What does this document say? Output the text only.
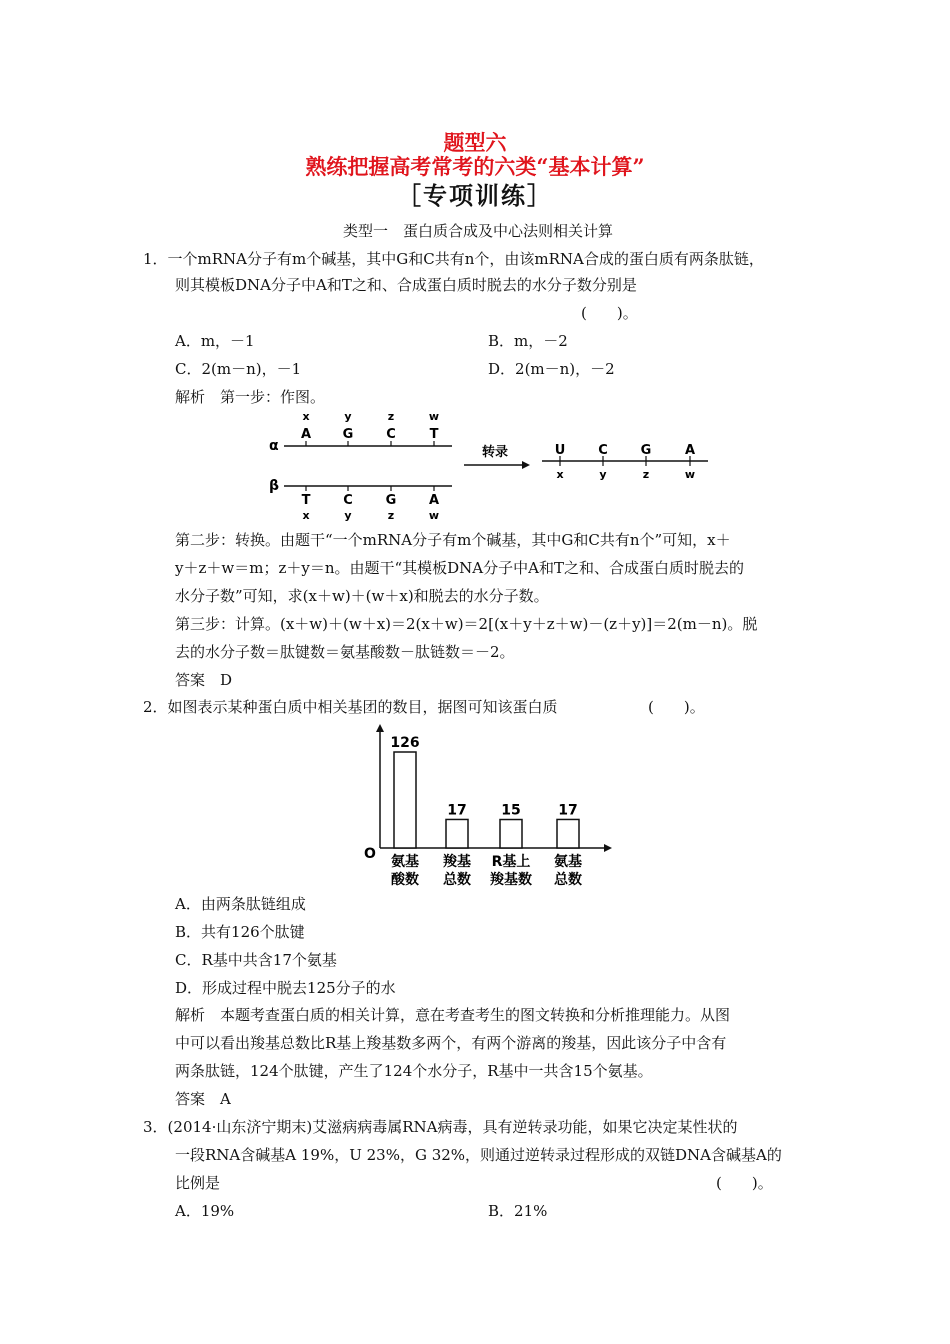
题型六
熟练把握高考常考的六类“基本计算”
［专项训练］
类型一　蛋白质合成及中心法则相关计算
1．一个mRNA分子有m个碱基，其中G和C共有n个，由该mRNA合成的蛋白质有两条肽链，
则其模板DNA分子中A和T之和、合成蛋白质时脱去的水分子数分别是
(　　)。
A．m，－1	B．m，－2
C．2(m－n)，－1	D．2(m－n)，－2
解析　第一步：作图。
α
β
x	y	z	w
A G	C	T
T	C	G	A
x	y	z	w
转录	U	C	G	A
x	y	z	w
第二步：转换。由题干“一个mRNA分子有m个碱基，其中G和C共有n个”可知，x＋
y＋z＋w＝m；z＋y＝n。由题干“其模板DNA分子中A和T之和、合成蛋白质时脱去的
水分子数”可知，求(x＋w)＋(w＋x)和脱去的水分子数。
第三步：计算。(x＋w)＋(w＋x)＝2(x＋w)＝2[(x＋y＋z＋w)－(z＋y)]＝2(m－n)。脱
去的水分子数＝肽键数＝氨基酸数－肽链数＝－2。
答案　D
2．如图表示某种蛋白质中相关基团的数目，据图可知该蛋白质	(　　)。
O
126
氨基
酸数
17
羧基
总数
15
R基上
羧基数
17
氨基
总数
A．由两条肽链组成
B．共有126个肽键
C．R基中共含17个氨基
D．形成过程中脱去125分子的水
解析　本题考查蛋白质的相关计算，意在考查考生的图文转换和分析推理能力。从图
中可以看出羧基总数比R基上羧基数多两个，有两个游离的羧基，因此该分子中含有
两条肽链，124个肽键，产生了124个水分子，R基中一共含15个氨基。
答案　A
3．(2014·山东济宁期末)艾滋病病毒属RNA病毒，具有逆转录功能，如果它决定某性状的
一段RNA含碱基A 19%，U 23%，G 32%，则通过逆转录过程形成的双链DNA含碱基A的
比例是	(　　)。
A．19%	B．21%
